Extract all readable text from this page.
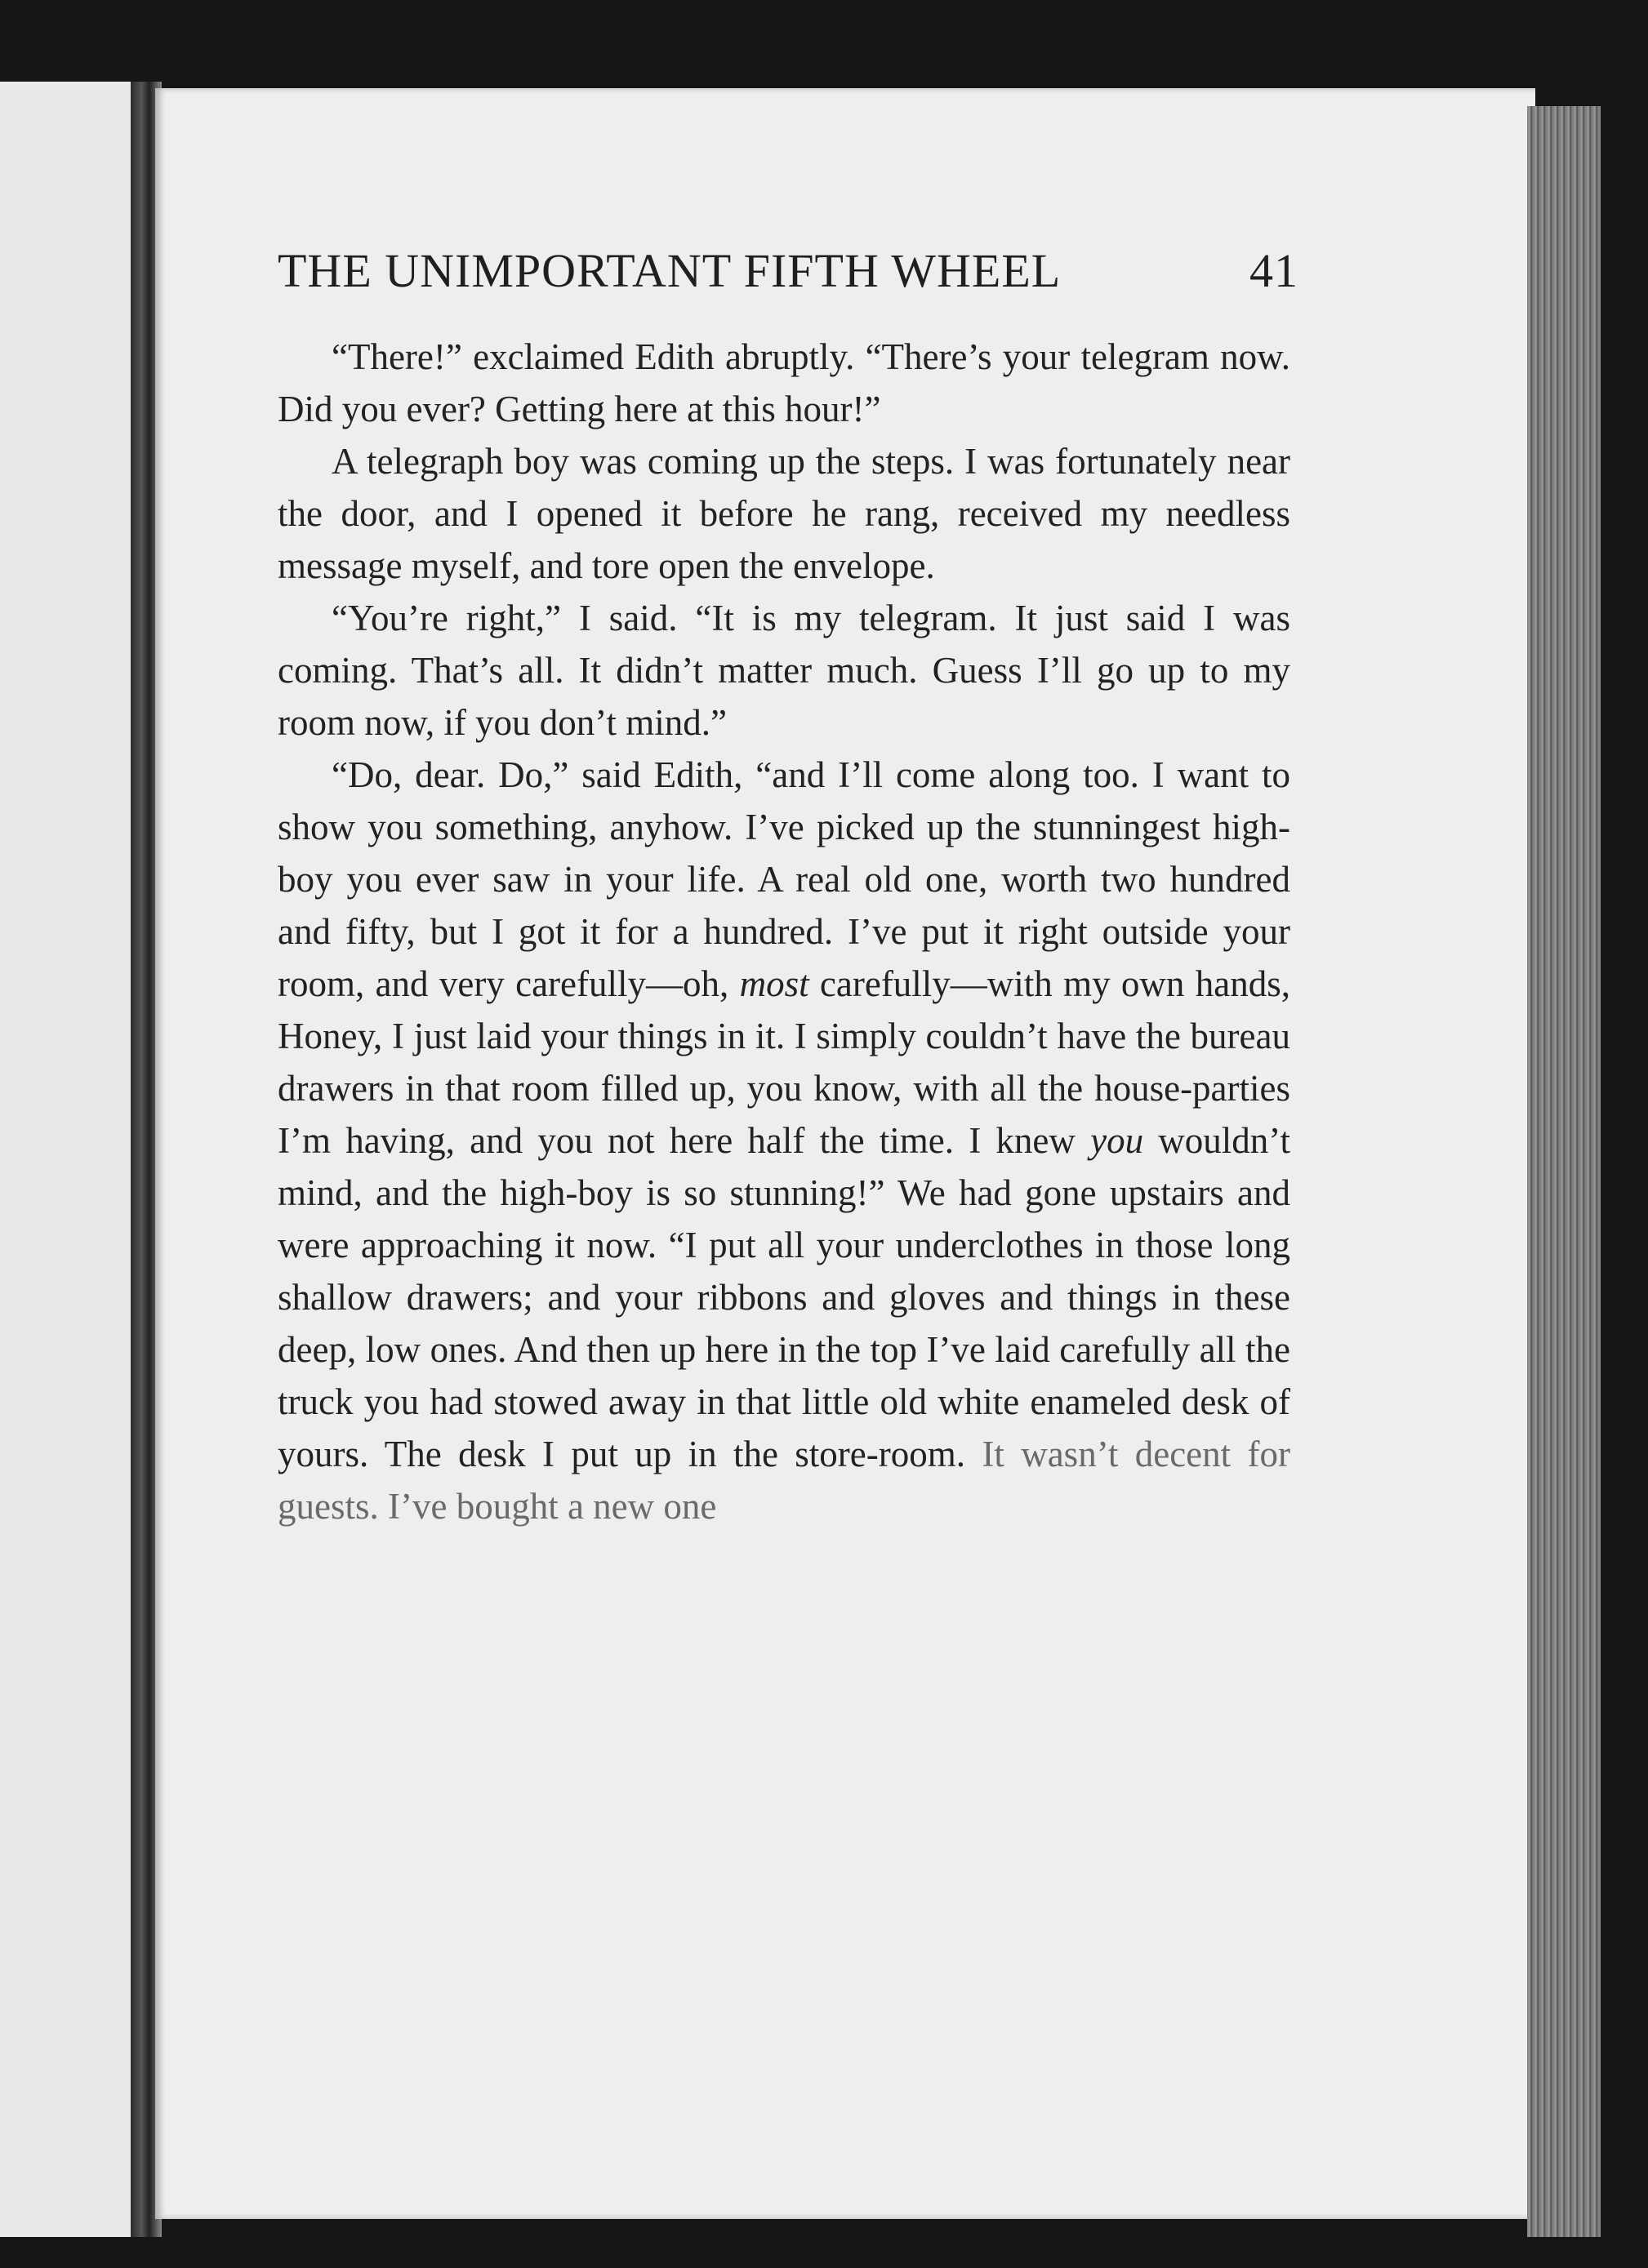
THE UNIMPORTANT FIFTH WHEEL	41

“There!” exclaimed Edith abruptly. “There’s your telegram now. Did you ever? Getting here at this hour!”

A telegraph boy was coming up the steps. I was fortunately near the door, and I opened it before he rang, received my needless message myself, and tore open the envelope.

“You’re right,” I said. “It is my telegram. It just said I was coming. That’s all. It didn’t matter much. Guess I’ll go up to my room now, if you don’t mind.”

“Do, dear. Do,” said Edith, “and I’ll come along too. I want to show you something, anyhow. I’ve picked up the stunningest high-boy you ever saw in your life. A real old one, worth two hundred and fifty, but I got it for a hundred. I’ve put it right outside your room, and very carefully—oh, most carefully—with my own hands, Honey, I just laid your things in it. I simply couldn’t have the bureau drawers in that room filled up, you know, with all the house-parties I’m having, and you not here half the time. I knew you wouldn’t mind, and the high-boy is so stunning!” We had gone upstairs and were approaching it now. “I put all your underclothes in those long shallow drawers; and your ribbons and gloves and things in these deep, low ones. And then up here in the top I’ve laid carefully all the truck you had stowed away in that little old white enameled desk of yours. The desk I put up in the store-room. It wasn’t decent for guests. I’ve bought a new one
